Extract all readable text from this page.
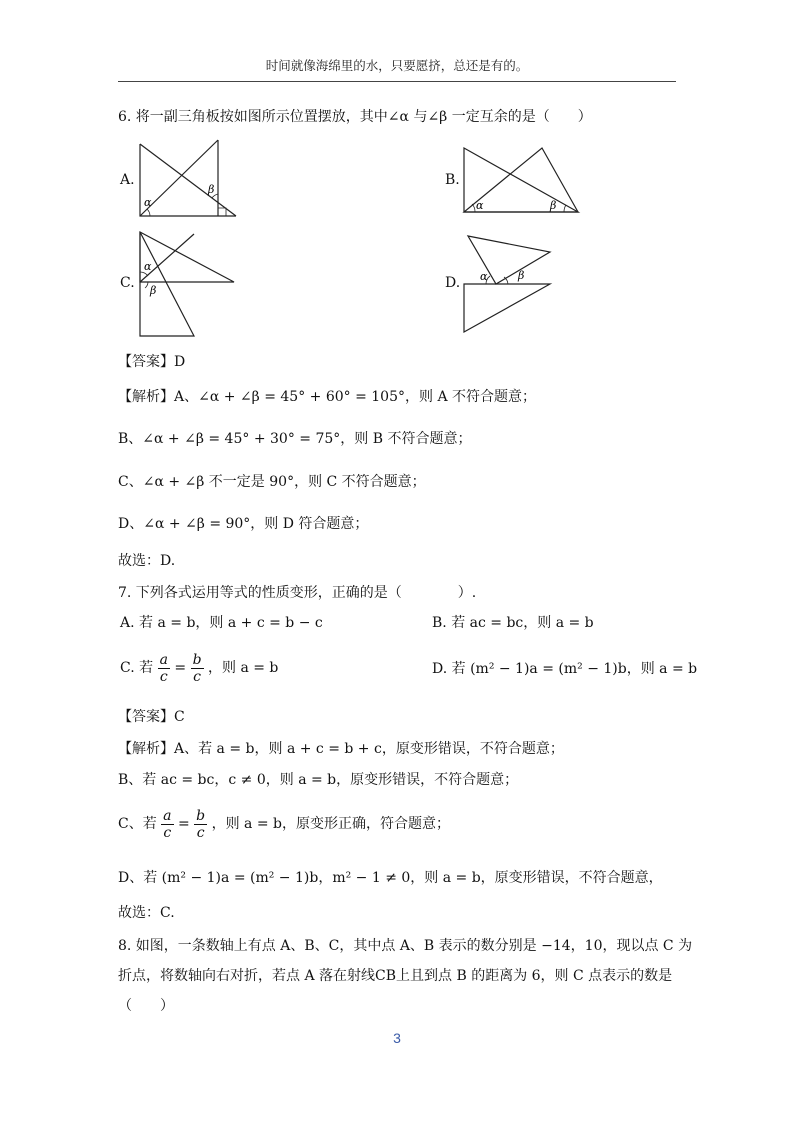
时间就像海绵里的水，只要愿挤，总还是有的。
6. 将一副三角板按如图所示位置摆放，其中∠α 与∠β 一定互余的是（　　）
A.
α
β
B.
α	β
C.
α
β	D. α	β
【答案】D
【解析】A、∠α + ∠β = 45° + 60° = 105°，则 A 不符合题意；
B、∠α + ∠β = 45° + 30° = 75°，则 B 不符合题意；
C、∠α + ∠β 不一定是 90°，则 C 不符合题意；
D、∠α + ∠β = 90°，则 D 符合题意；
故选：D.
7. 下列各式运用等式的性质变形，正确的是（　　　　）.
A. 若 a = b，则 a + c = b − c	B. 若 ac = bc，则 a = b
C. 若 $\frac{a}{c} = \frac{b}{c}$ ，则 a = b	D. 若 (m² − 1)a = (m² − 1)b，则 a = b
【答案】C
【解析】A、若 a = b，则 a + c = b + c，原变形错误，不符合题意；
B、若 ac = bc，c ≠ 0，则 a = b，原变形错误，不符合题意；
C、若 $\frac{a}{c} = \frac{b}{c}$ ，则 a = b，原变形正确，符合题意；
D、若 (m² − 1)a = (m² − 1)b，m² − 1 ≠ 0，则 a = b，原变形错误，不符合题意，
故选：C.
8. 如图，一条数轴上有点 A、B、C，其中点 A、B 表示的数分别是 −14，10，现以点 C 为
折点，将数轴向右对折，若点 A 落在射线CB上且到点 B 的距离为 6，则 C 点表示的数是
（　　）
3
